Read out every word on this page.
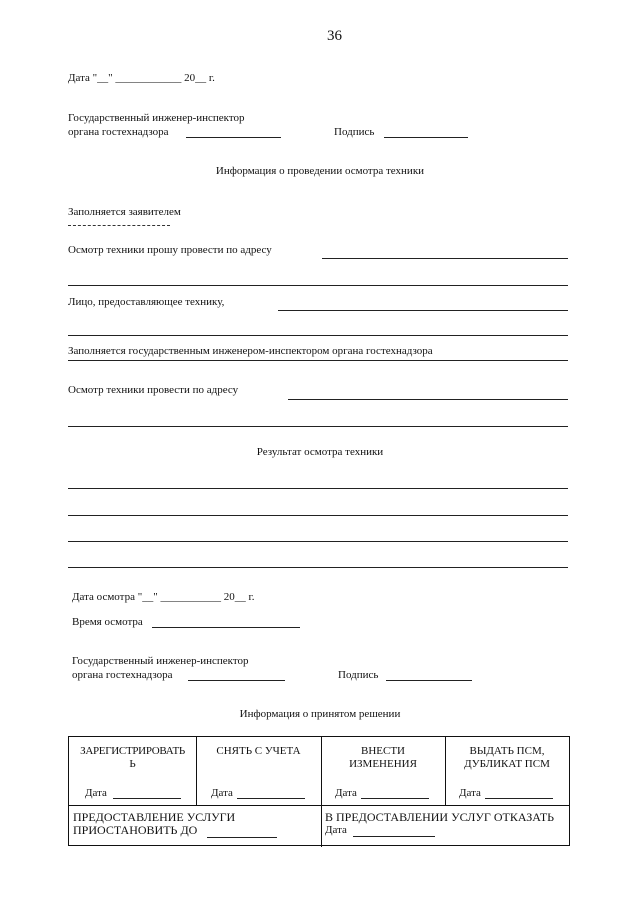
36
Дата "__" ____________ 20__ г.
Государственный инженер-инспектор
органа гостехнадзора	Подпись
Информация о проведении осмотра техники
Заполняется заявителем
Осмотр техники прошу провести по адресу
Лицо, предоставляющее технику,
Заполняется государственным инженером-инспектором органа гостехнадзора
Осмотр техники провести по адресу
Результат осмотра техники
Дата осмотра "__" ___________ 20__ г.
Время осмотра
Государственный инженер-инспектор
органа гостехнадзора	Подпись
Информация о принятом решении
ЗАРЕГИСТРИРОВАТЬ
Ь
Дата
СНЯТЬ С УЧЕТА
Дата
ВНЕСТИ
ИЗМЕНЕНИЯ
Дата
ВЫДАТЬ ПСМ,
ДУБЛИКАТ ПСМ
Дата
ПРЕДОСТАВЛЕНИЕ УСЛУГИ
ПРИОСТАНОВИТЬ ДО
В ПРЕДОСТАВЛЕНИИ УСЛУГ ОТКАЗАТЬ
Дата
